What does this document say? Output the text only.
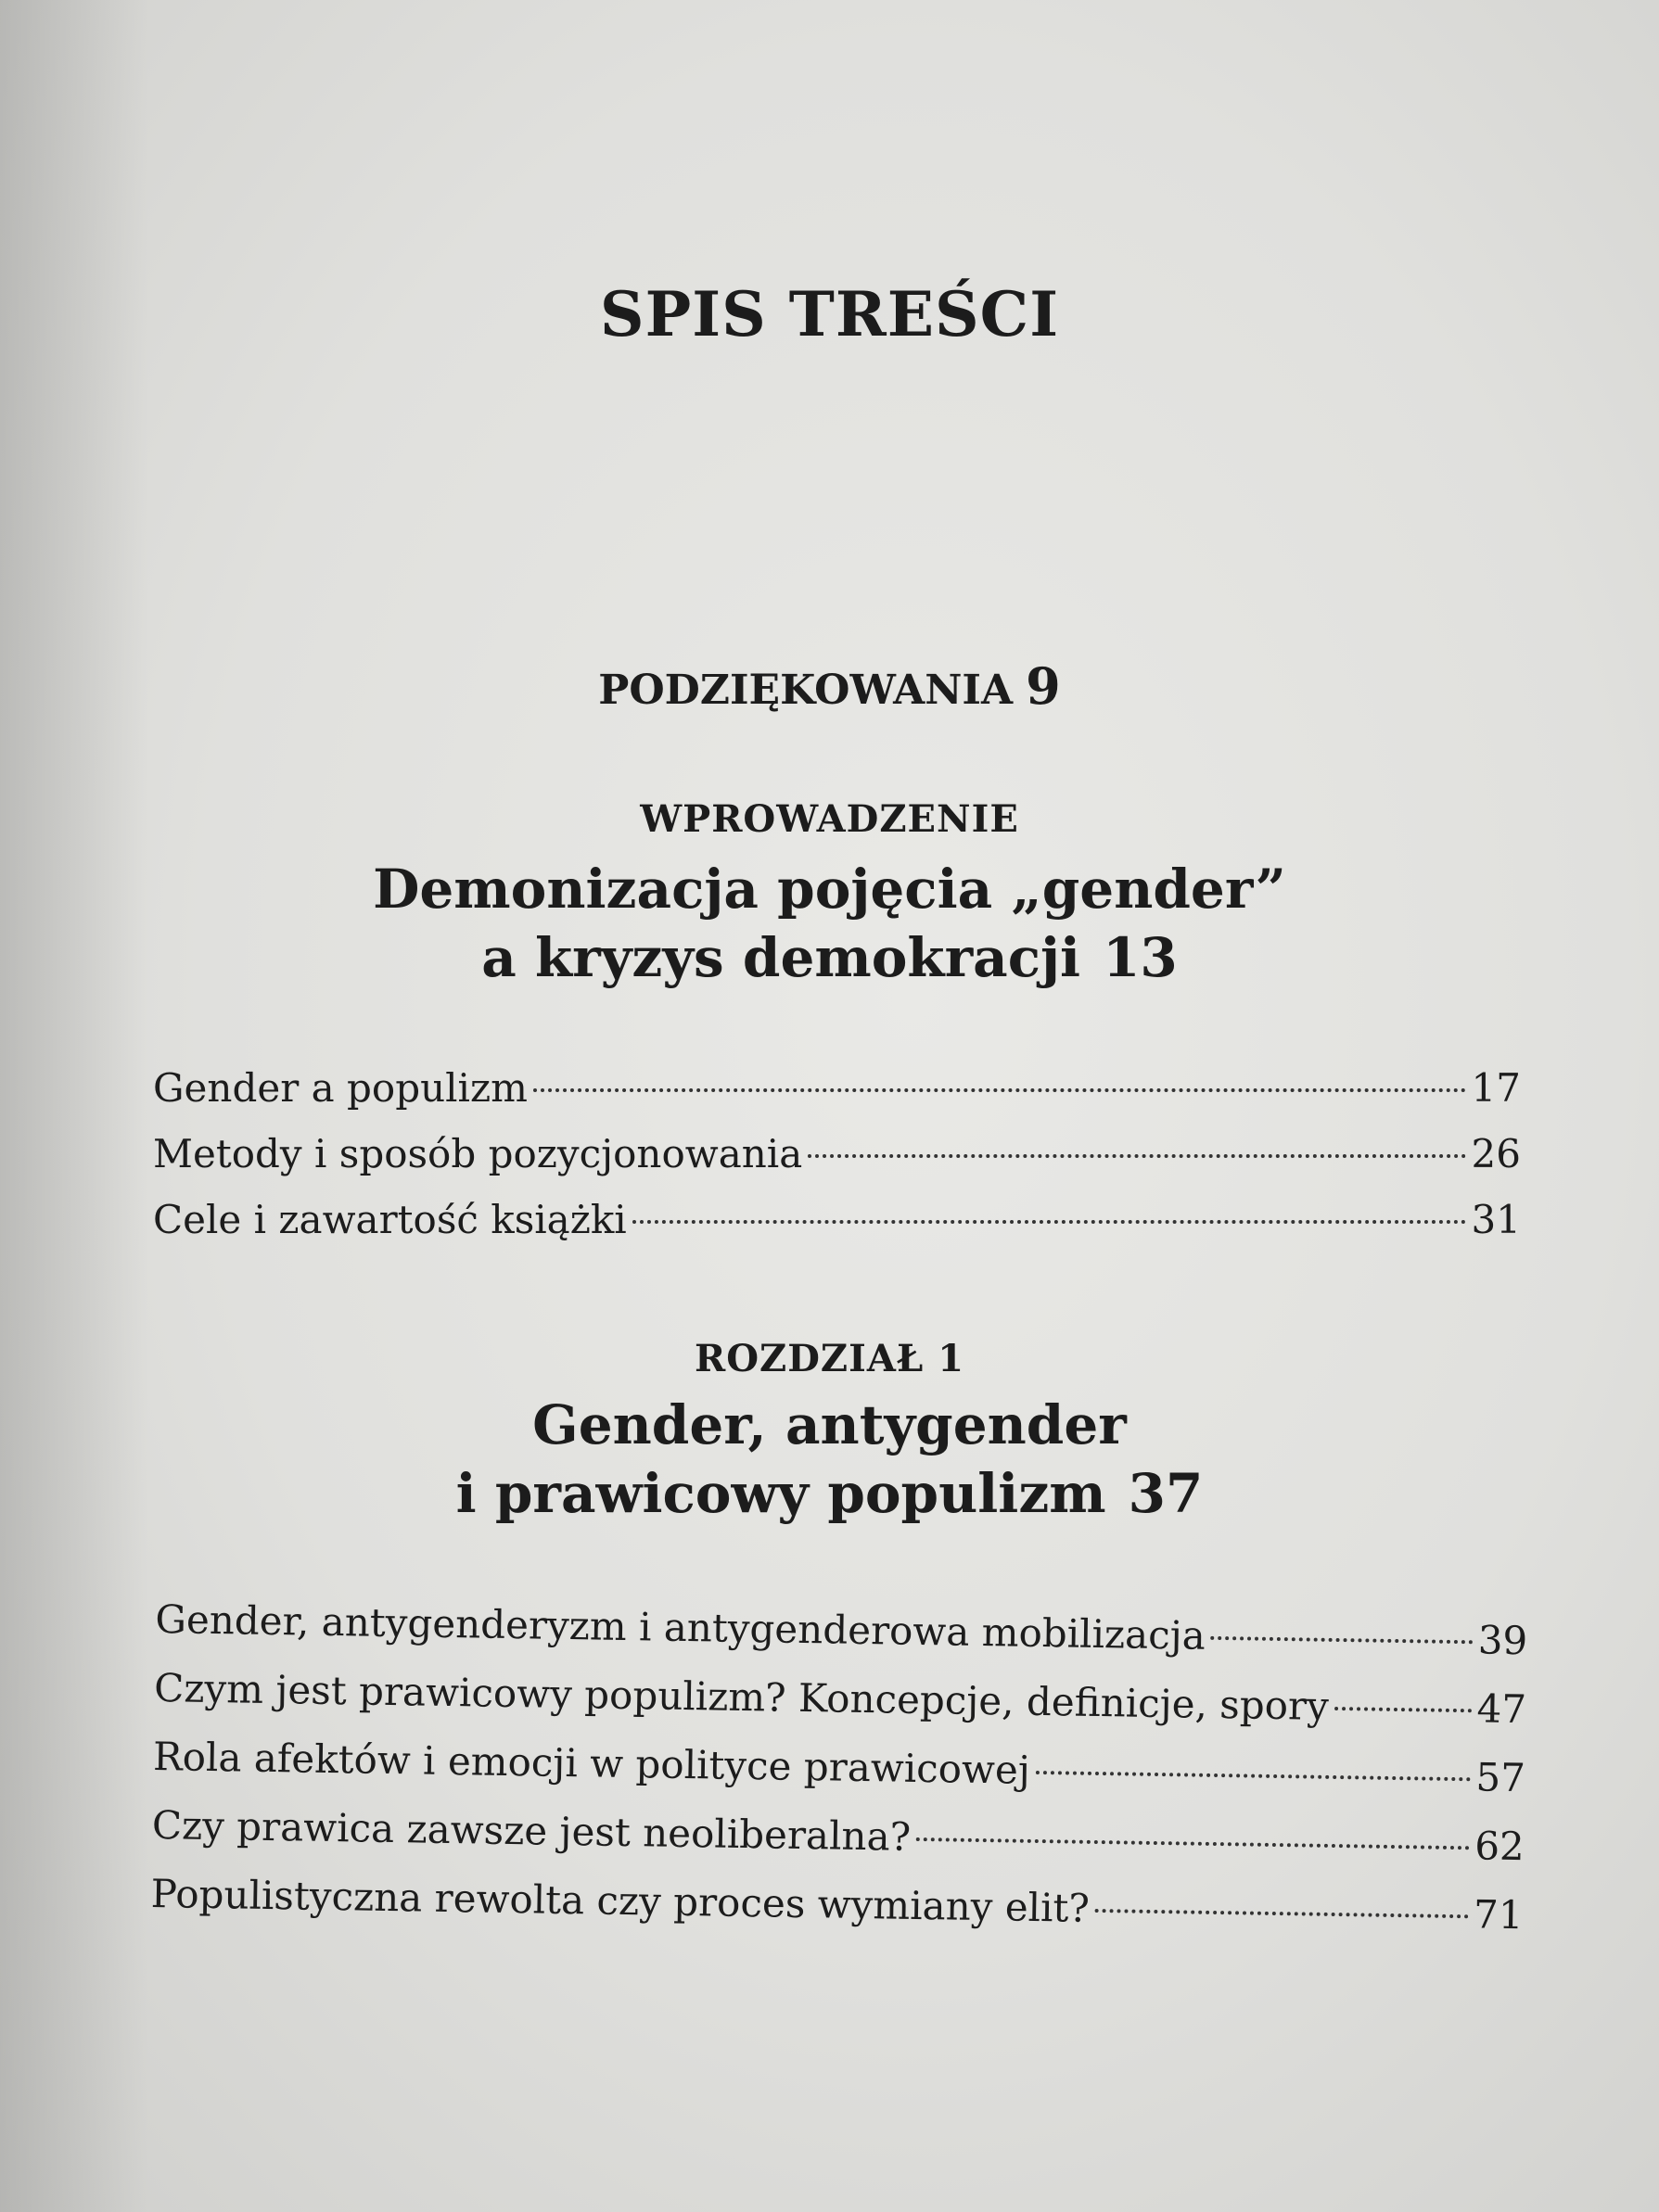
SPIS TREŚCI
PODZIĘKOWANIA 9
WPROWADZENIE
Demonizacja pojęcia „gender”
a kryzys demokracji 13
Gender a populizm	17
Metody i sposób pozycjonowania	26
Cele i zawartość książki	31
ROZDZIAŁ 1
Gender, antygender
i prawicowy populizm 37
Gender, antygenderyzm i antygenderowa mobilizacja	39
Czym jest prawicowy populizm? Koncepcje, definicje, spory	47
Rola afektów i emocji w polityce prawicowej	57
Czy prawica zawsze jest neoliberalna?	62
Populistyczna rewolta czy proces wymiany elit?	71
